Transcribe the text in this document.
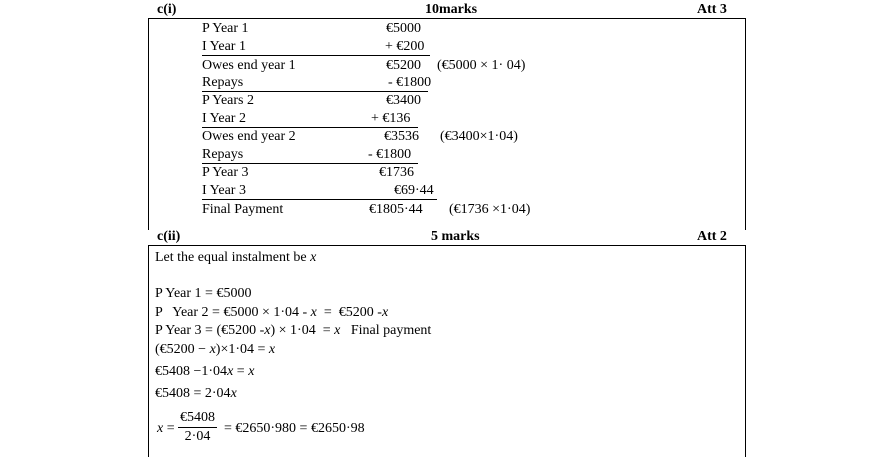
c(i)	10marks	Att 3
P Year 1	€5000
I Year 1	+ €200
Owes end year 1	€5200 (€5000 × 1· 04)
Repays	- €1800
P Years 2	€3400
I Year 2	+ €136
Owes end year 2	€3536 (€3400×1·04)
Repays	- €1800
P Year 3	€1736
I Year 3	€69·44
Final Payment	€1805·44 (€1736 ×1·04)
c(ii)	5 marks	Att 2
Let the equal instalment be x
P Year 1 = €5000
P   Year 2 = €5000 × 1·04 - x  =  €5200 -x
P Year 3 = (€5200 -x) × 1·04  = x   Final payment
(€5200 − x)×1·04 = x
€5408 −1·04x = x
€5408 = 2·04x
$x = \frac{€5408}{2\cdot 04}$ = €2650·980 = €2650·98
